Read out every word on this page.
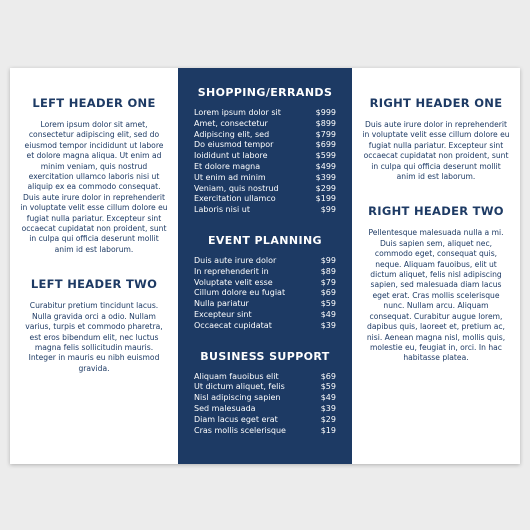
LEFT HEADER ONE

Lorem ipsum dolor sit amet, consectetur adipiscing elit, sed do eiusmod tempor incididunt ut labore et dolore magna aliqua. Ut enim ad minim veniam, quis nostrud exercitation ullamco laboris nisi ut aliquip ex ea commodo consequat. Duis aute irure dolor in reprehenderit in voluptate velit esse cillum dolore eu fugiat nulla pariatur. Excepteur sint occaecat cupidatat non proident, sunt in culpa qui officia deserunt mollit anim id est laborum.

LEFT HEADER TWO

Curabitur pretium tincidunt lacus. Nulla gravida orci a odio. Nullam varius, turpis et commodo pharetra, est eros bibendum elit, nec luctus magna felis sollicitudin mauris. Integer in mauris eu nibh euismod gravida.

SHOPPING/ERRANDS
Lorem ipsum dolor sit	$999
Amet, consectetur	$899
Adipiscing elit, sed	$799
Do eiusmod tempor	$699
Ioididunt ut labore	$599
Et dolore magna	$499
Ut enim ad minim	$399
Veniam, quis nostrud	$299
Exercitation ullamco	$199
Laboris nisi ut	$99
EVENT PLANNING
Duis aute irure dolor	$99
In reprehenderit in	$89
Voluptate velit esse	$79
Cillum dolore eu fugiat	$69
Nulla pariatur	$59
Excepteur sint	$49
Occaecat cupidatat	$39
BUSINESS SUPPORT
Aliquam fauoibus elit	$69
Ut dictum aliquet, felis	$59
Nisl adipiscing sapien	$49
Sed malesuada	$39
Diam lacus eget erat	$29
Cras mollis scelerisque	$19
RIGHT HEADER ONE

Duis aute irure dolor in reprehenderit in voluptate velit esse cillum dolore eu fugiat nulla pariatur. Excepteur sint occaecat cupidatat non proident, sunt in culpa qui officia deserunt mollit anim id est laborum.

RIGHT HEADER TWO

Pellentesque malesuada nulla a mi. Duis sapien sem, aliquet nec, commodo eget, consequat quis, neque. Aliquam fauoibus, elit ut dictum aliquet, felis nisl adipiscing sapien, sed malesuada diam lacus eget erat. Cras mollis scelerisque nunc. Nullam arcu. Aliquam consequat. Curabitur augue lorem, dapibus quis, laoreet et, pretium ac, nisi. Aenean magna nisl, mollis quis, molestie eu, feugiat in, orci. In hac habitasse platea.
